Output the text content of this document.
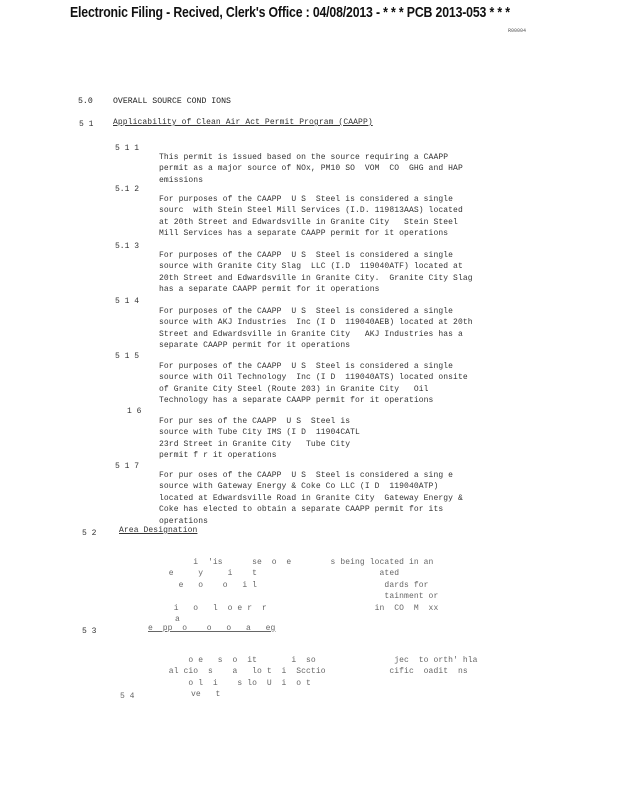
Electronic Filing - Recived, Clerk's Office : 04/08/2013 - * * * PCB 2013-053 * * *
R00004
5.0 OVERALL SOURCE COND IONS
5 1 Applicability of Clean Air Act Permit Program (CAAPP)
5 1 1

This permit is issued based on the source requiring a CAAPP
permit as a major source of NOx, PM10 SO  VOM  CO  GHG and HAP
emissions

5.1 2

For purposes of the CAAPP  U S  Steel is considered a single
sourc  with Stein Steel Mill Services (I.D. 119813AAS) located
at 20th Street and Edwardsville in Granite City   Stein Steel
Mill Services has a separate CAAPP permit for it operations

5.1 3

For purposes of the CAAPP  U S  Steel is considered a single
source with Granite City Slag  LLC (I.D  119040ATF) located at
20th Street and Edwardsville in Granite City.  Granite City Slag
has a separate CAAPP permit for it operations

5 1 4

For purposes of the CAAPP  U S  Steel is considered a single
source with AKJ Industries  Inc (I D  119040AEB) located at 20th
Street and Edwardsville in Granite City   AKJ Industries has a
separate CAAPP permit for it operations

5 1 5

For purposes of the CAAPP  U S  Steel is considered a single
source with Oil Technology  Inc (I D  119040ATS) located onsite
of Granite City Steel (Route 203) in Granite City   Oil
Technology has a separate CAAPP permit for it operations

1 6

For pur ses of the CAAPP  U S  Steel is
source with Tube City IMS (I D  11904CATL
23rd Street in Granite City   Tube City
permit f r it operations

5 1 7

For pur oses of the CAAPP  U S  Steel is considered a sing e
source with Gateway Energy & Coke Co LLC (I D  119040ATP)
located at Edwardsville Road in Granite City  Gateway Energy &
Coke has elected to obtain a separate CAAPP permit for its
operations

5 2	Area Designation

i  'is      se  o  e        s being located in an
e     y     i    t                         ated
e   o    o   i l                          dards for
tainment or
i   o   l  o e r  r                      in  CO  M  xx
a

5 3	e  pp  o    o   o   a   eg

o e   s  o  it       i  so                jec  to orth' hla
al cio  s    a   lo t  i  Scctio             cific  oadit  ns
o l  i    s lo  U  i  o t

5 4	ve   t
